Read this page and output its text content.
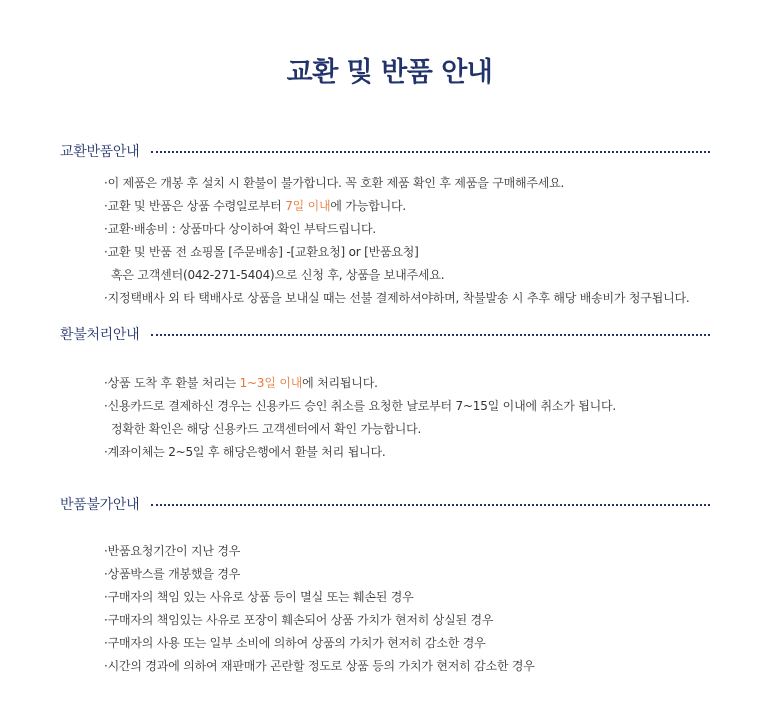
교환 및 반품 안내
교환반품안내
·이 제품은 개봉 후 설치 시 환불이 불가합니다. 꼭 호환 제품 확인 후 제품을 구매해주세요.
·교환 및 반품은 상품 수령일로부터 7일 이내에 가능합니다.
·교환·배송비 : 상품마다 상이하여 확인 부탁드립니다.
·교환 및 반품 전 쇼핑몰 [주문배송] -[교환요청] or [반품요청]
혹은 고객센터(042-271-5404)으로 신청 후, 상품을 보내주세요.
·지정택배사 외 타 택배사로 상품을 보내실 때는 선불 결제하셔야하며, 착불발송 시 추후 해당 배송비가 청구됩니다.
환불처리안내
·상품 도착 후 환불 처리는 1~3일 이내에 처리됩니다.
·신용카드로 결제하신 경우는 신용카드 승인 취소를 요청한 날로부터 7~15일 이내에 취소가 됩니다.
정확한 확인은 해당 신용카드 고객센터에서 확인 가능합니다.
·계좌이체는 2~5일 후 해당은행에서 환불 처리 됩니다.
반품불가안내
·반품요청기간이 지난 경우
·상품박스를 개봉했을 경우
·구매자의 책임 있는 사유로 상품 등이 멸실 또는 훼손된 경우
·구매자의 책임있는 사유로 포장이 훼손되어 상품 가치가 현저히 상실된 경우
·구매자의 사용 또는 일부 소비에 의하여 상품의 가치가 현저히 감소한 경우
·시간의 경과에 의하여 재판매가 곤란할 정도로 상품 등의 가치가 현저히 감소한 경우
